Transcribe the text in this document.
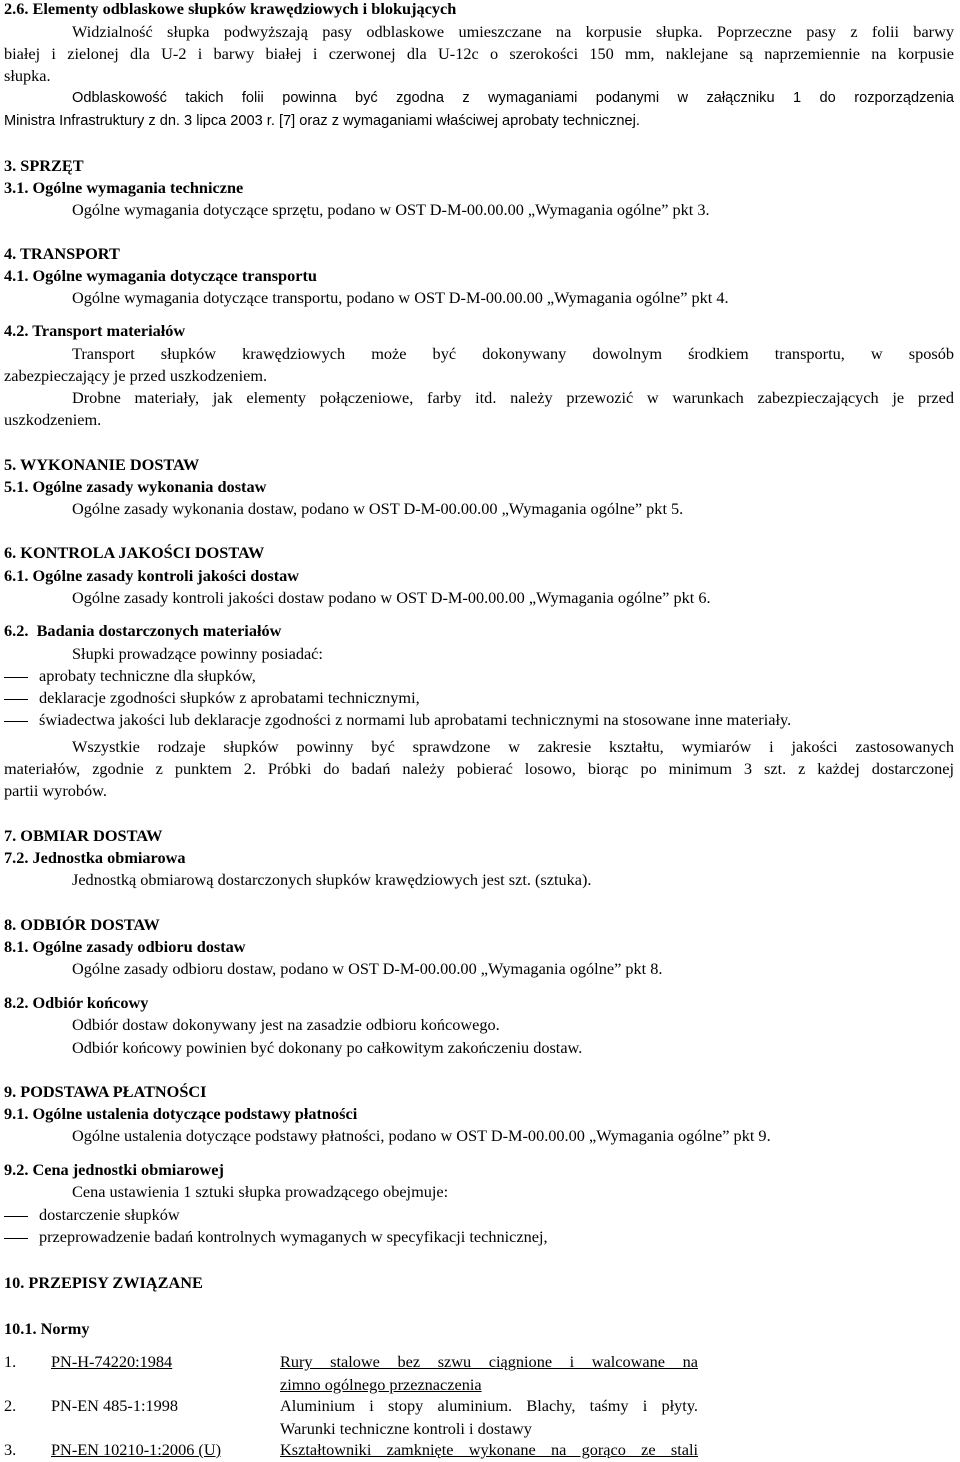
2.6. Elementy odblaskowe słupków krawędziowych i blokujących
Widzialność słupka podwyższają pasy odblaskowe umieszczane na korpusie słupka. Poprzeczne pasy z folii barwy
białej i zielonej dla U-2 i barwy białej i czerwonej dla U-12c o szerokości 150 mm, naklejane są naprzemiennie na korpusie
słupka.
Odblaskowość takich folii powinna być zgodna z wymaganiami podanymi w załączniku 1 do rozporządzenia
Ministra Infrastruktury z dn. 3 lipca 2003 r. [7] oraz z wymaganiami właściwej aprobaty technicznej.
3. SPRZĘT
3.1. Ogólne wymagania techniczne
Ogólne wymagania dotyczące sprzętu, podano w OST D-M-00.00.00 „Wymagania ogólne” pkt 3.
4. TRANSPORT
4.1. Ogólne wymagania dotyczące transportu
Ogólne wymagania dotyczące transportu, podano w OST D-M-00.00.00 „Wymagania ogólne” pkt 4.
4.2. Transport materiałów
Transport słupków krawędziowych może być dokonywany dowolnym środkiem transportu, w sposób
zabezpieczający je przed uszkodzeniem.
Drobne materiały, jak elementy połączeniowe, farby itd. należy przewozić w warunkach zabezpieczających je przed
uszkodzeniem.
5. WYKONANIE DOSTAW
5.1. Ogólne zasady wykonania dostaw
Ogólne zasady wykonania dostaw, podano w OST D-M-00.00.00 „Wymagania ogólne” pkt 5.
6. KONTROLA JAKOŚCI DOSTAW
6.1. Ogólne zasady kontroli jakości dostaw
Ogólne zasady kontroli jakości dostaw podano w OST D-M-00.00.00 „Wymagania ogólne” pkt 6.
6.2.  Badania dostarczonych materiałów
Słupki prowadzące powinny posiadać:
aprobaty techniczne dla słupków,
deklaracje zgodności słupków z aprobatami technicznymi,
świadectwa jakości lub deklaracje zgodności z normami lub aprobatami technicznymi na stosowane inne materiały.
Wszystkie rodzaje słupków powinny być sprawdzone w zakresie kształtu, wymiarów i jakości zastosowanych
materiałów, zgodnie z punktem 2. Próbki do badań należy pobierać losowo, biorąc po minimum 3 szt. z każdej dostarczonej
partii wyrobów.
7. OBMIAR DOSTAW
7.2. Jednostka obmiarowa
Jednostką obmiarową dostarczonych słupków krawędziowych jest szt. (sztuka).
8. ODBIÓR DOSTAW
8.1. Ogólne zasady odbioru dostaw
Ogólne zasady odbioru dostaw, podano w OST D-M-00.00.00 „Wymagania ogólne” pkt 8.
8.2. Odbiór końcowy
Odbiór dostaw dokonywany jest na zasadzie odbioru końcowego.
Odbiór końcowy powinien być dokonany po całkowitym zakończeniu dostaw.
9. PODSTAWA PŁATNOŚCI
9.1. Ogólne ustalenia dotyczące podstawy płatności
Ogólne ustalenia dotyczące podstawy płatności, podano w OST D-M-00.00.00 „Wymagania ogólne” pkt 9.
9.2. Cena jednostki obmiarowej
Cena ustawienia 1 sztuki słupka prowadzącego obejmuje:
dostarczenie słupków
przeprowadzenie badań kontrolnych wymaganych w specyfikacji technicznej,
10. PRZEPISY ZWIĄZANE
10.1. Normy
1. PN-H-74220:1984	Rury stalowe bez szwu ciągnione i walcowane na
zimno ogólnego przeznaczenia
2. PN-EN 485-1:1998	Aluminium i stopy aluminium. Blachy, taśmy i płyty.
Warunki techniczne kontroli i dostawy
3. PN-EN 10210-1:2006 (U)	Kształtowniki zamknięte wykonane na gorąco ze stali
